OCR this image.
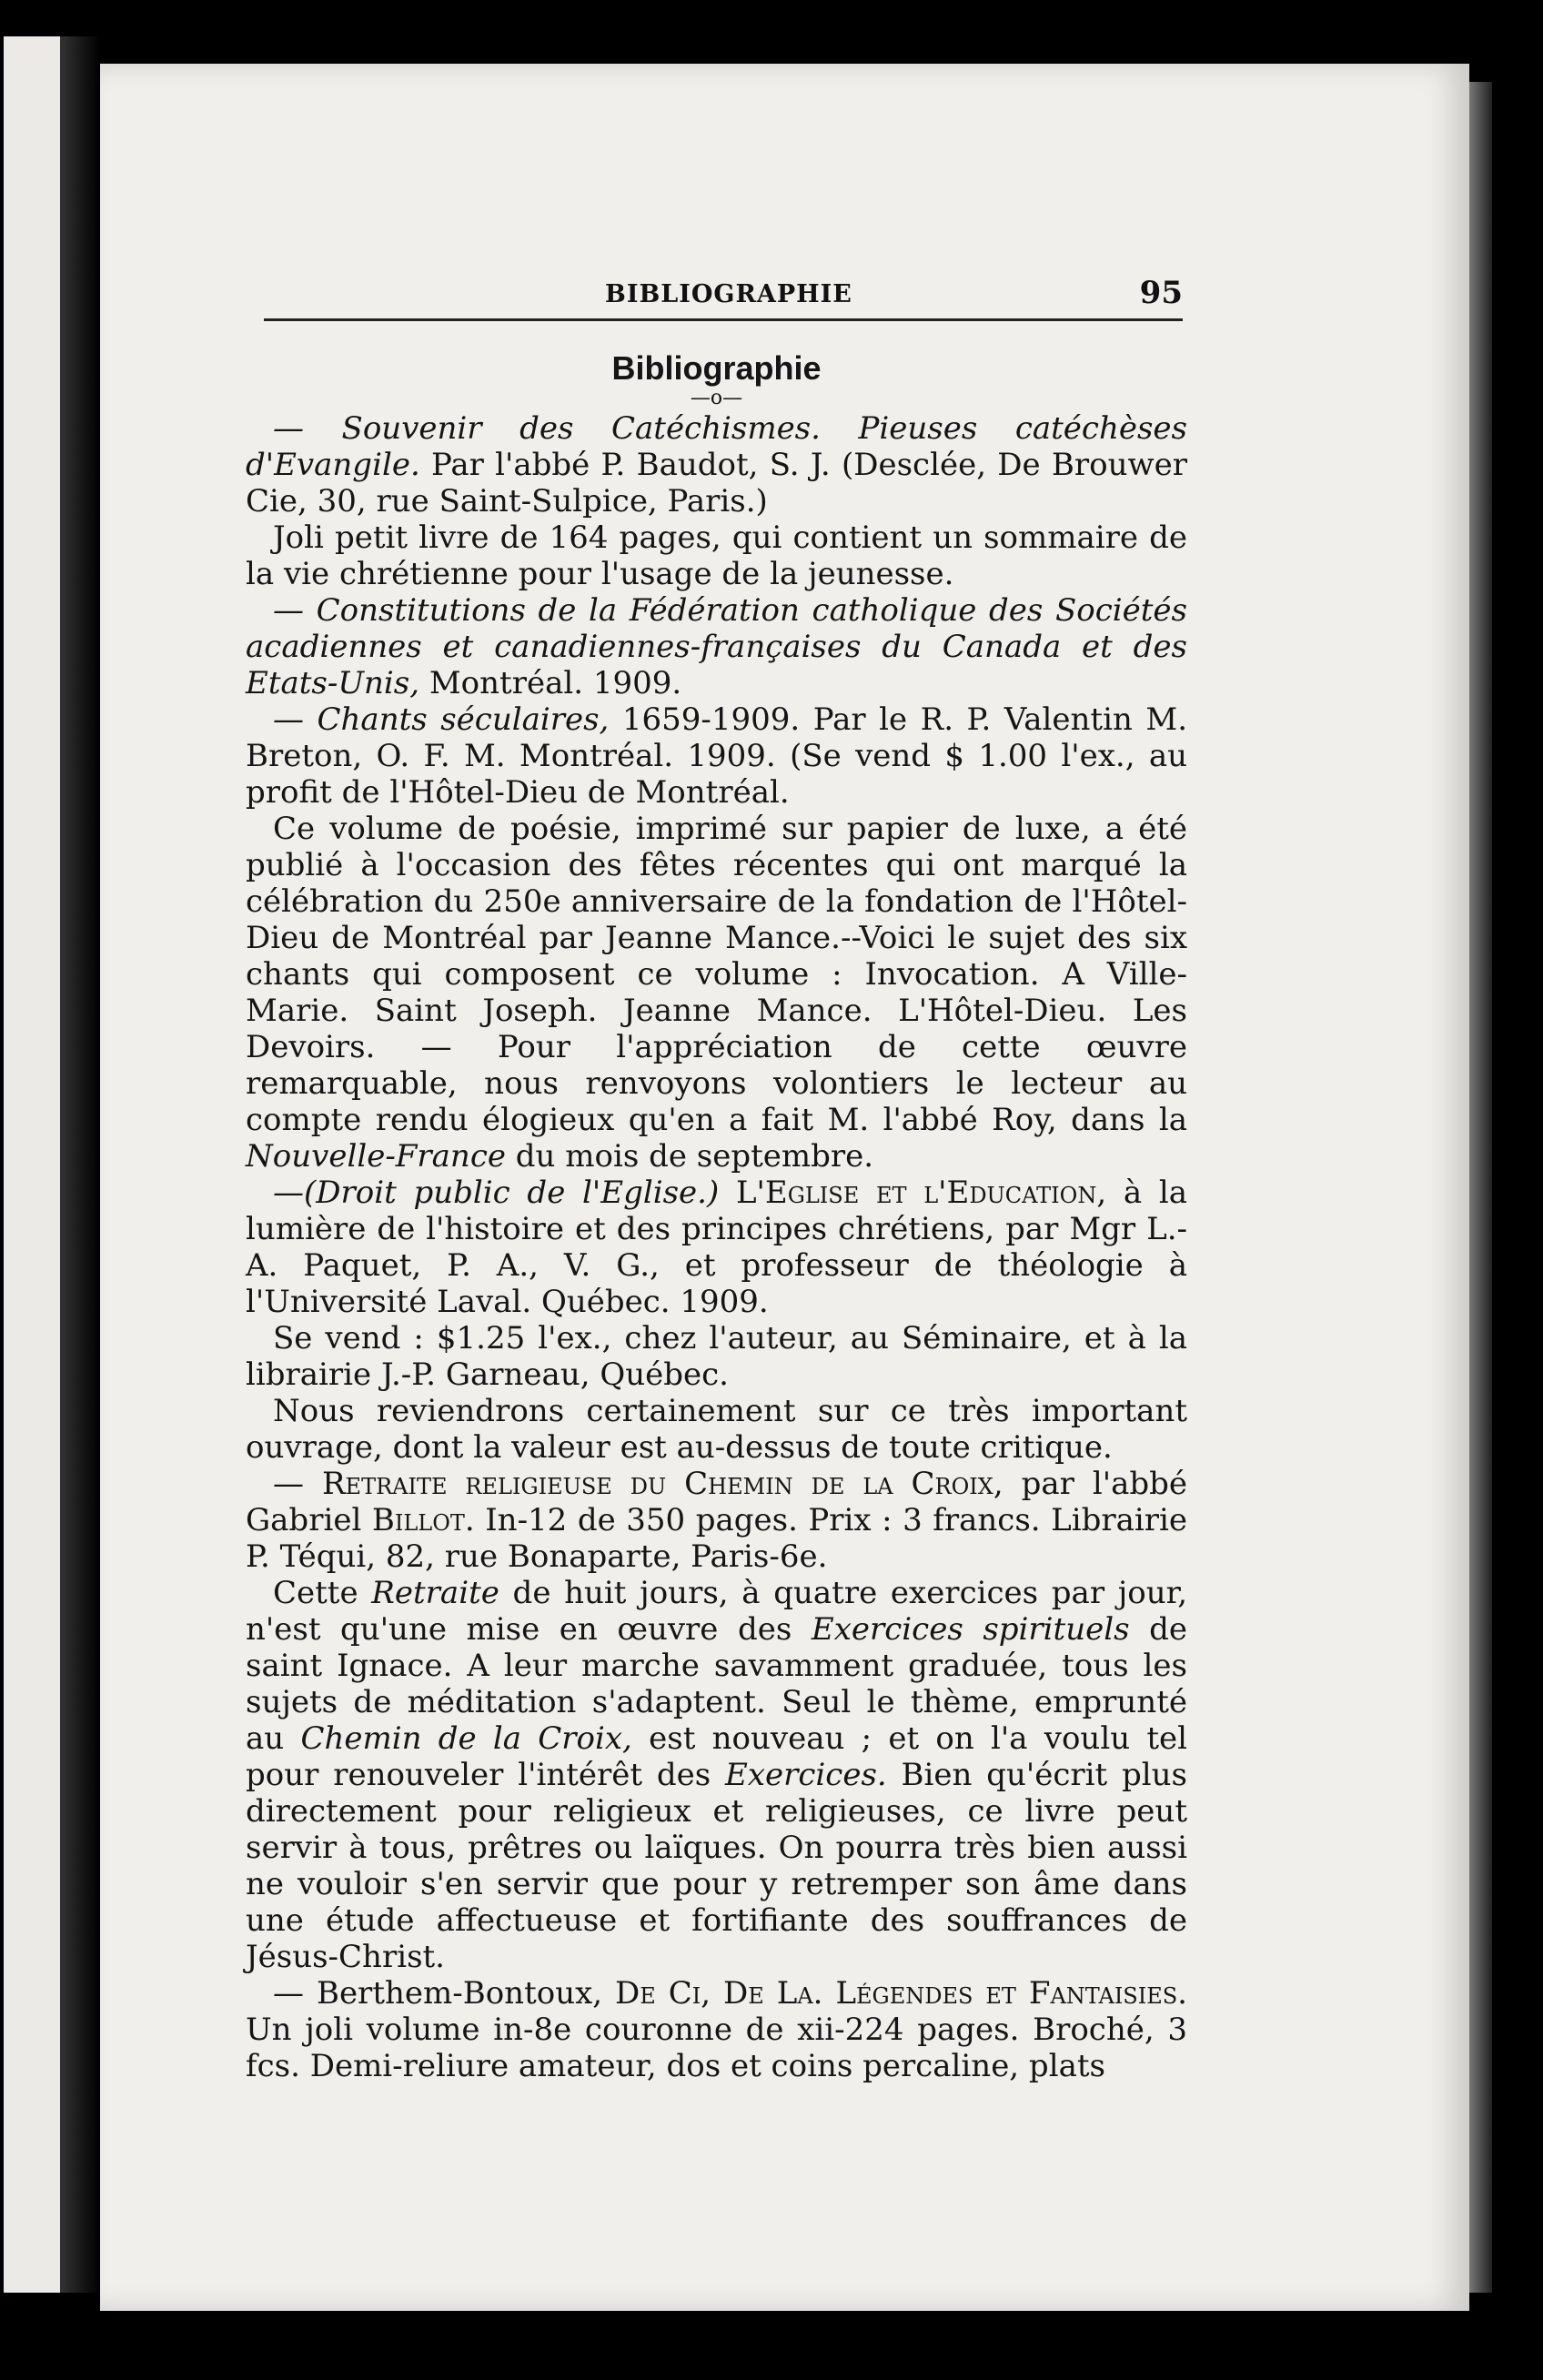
BIBLIOGRAPHIE	95
Bibliographie
—o—

— Souvenir des Catéchismes. Pieuses catéchèses d'Evangile. Par l'abbé P. Baudot, S. J. (Desclée, De Brouwer Cie, 30, rue Saint-Sulpice, Paris.)

Joli petit livre de 164 pages, qui contient un sommaire de la vie chrétienne pour l'usage de la jeunesse.

— Constitutions de la Fédération catholique des Sociétés acadiennes et canadiennes-françaises du Canada et des Etats-Unis, Montréal. 1909.

— Chants séculaires, 1659-1909. Par le R. P. Valentin M. Breton, O. F. M. Montréal. 1909. (Se vend $ 1.00 l'ex., au profit de l'Hôtel-Dieu de Montréal.

Ce volume de poésie, imprimé sur papier de luxe, a été publié à l'occasion des fêtes récentes qui ont marqué la célébration du 250e anniversaire de la fondation de l'Hôtel-Dieu de Montréal par Jeanne Mance.--Voici le sujet des six chants qui composent ce volume : Invocation. A Ville-Marie. Saint Joseph. Jeanne Mance. L'Hôtel-Dieu. Les Devoirs. — Pour l'appréciation de cette œuvre remarquable, nous renvoyons volontiers le lecteur au compte rendu élogieux qu'en a fait M. l'abbé Roy, dans la Nouvelle-France du mois de septembre.

—(Droit public de l'Eglise.) L'Eglise et l'Education, à la lumière de l'histoire et des principes chrétiens, par Mgr L.-A. Paquet, P. A., V. G., et professeur de théologie à l'Université Laval. Québec. 1909.

Se vend : $1.25 l'ex., chez l'auteur, au Séminaire, et à la librairie J.-P. Garneau, Québec.

Nous reviendrons certainement sur ce très important ouvrage, dont la valeur est au-dessus de toute critique.

— Retraite religieuse du Chemin de la Croix, par l'abbé Gabriel Billot. In-12 de 350 pages. Prix : 3 francs. Librairie P. Téqui, 82, rue Bonaparte, Paris-6e.

Cette Retraite de huit jours, à quatre exercices par jour, n'est qu'une mise en œuvre des Exercices spirituels de saint Ignace. A leur marche savamment graduée, tous les sujets de méditation s'adaptent. Seul le thème, emprunté au Chemin de la Croix, est nouveau ; et on l'a voulu tel pour renouveler l'intérêt des Exercices. Bien qu'écrit plus directement pour religieux et religieuses, ce livre peut servir à tous, prêtres ou laïques. On pourra très bien aussi ne vouloir s'en servir que pour y retremper son âme dans une étude affectueuse et fortifiante des souffrances de Jésus-Christ.

— Berthem-Bontoux, De Ci, De La. Légendes et Fantaisies. Un joli volume in-8e couronne de xii-224 pages. Broché, 3 fcs. Demi-reliure amateur, dos et coins percaline, plats
